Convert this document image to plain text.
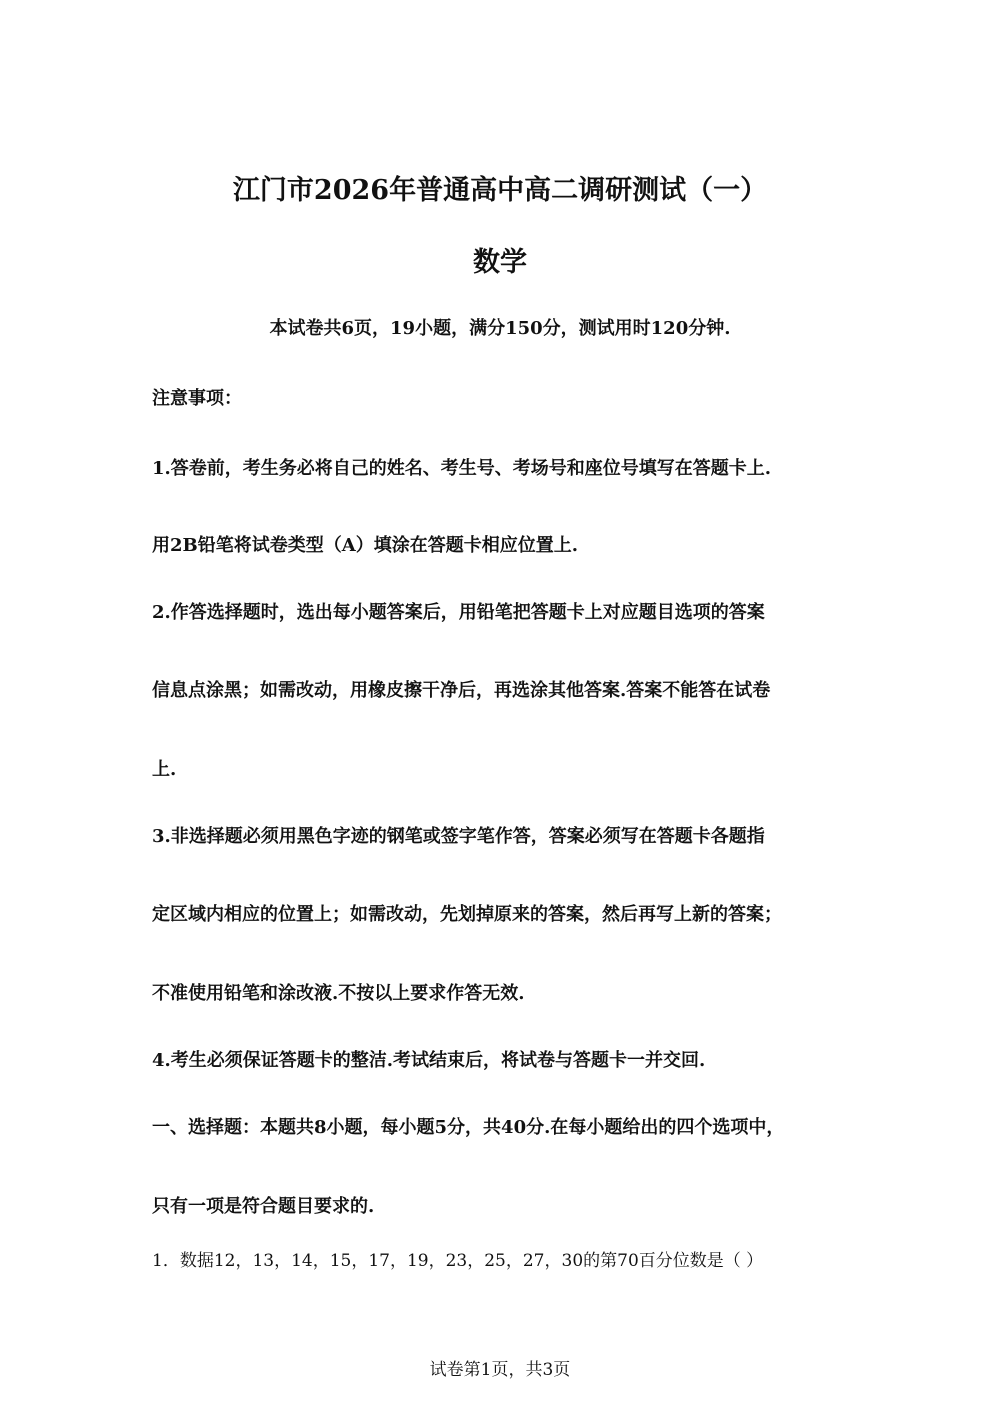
江门市2026年普通高中高二调研测试（一）
数学
本试卷共6页，19小题，满分150分，测试用时120分钟.
注意事项：
1.答卷前，考生务必将自己的姓名、考生号、考场号和座位号填写在答题卡上.
用2B铅笔将试卷类型（A）填涂在答题卡相应位置上.
2.作答选择题时，选出每小题答案后，用铅笔把答题卡上对应题目选项的答案
信息点涂黑；如需改动，用橡皮擦干净后，再选涂其他答案.答案不能答在试卷
上.
3.非选择题必须用黑色字迹的钢笔或签字笔作答，答案必须写在答题卡各题指
定区域内相应的位置上；如需改动，先划掉原来的答案，然后再写上新的答案；
不准使用铅笔和涂改液.不按以上要求作答无效.
4.考生必须保证答题卡的整洁.考试结束后，将试卷与答题卡一并交回.
一、选择题：本题共8小题，每小题5分，共40分.在每小题给出的四个选项中，
只有一项是符合题目要求的.
1．数据12，13，14，15，17，19，23，25，27，30的第70百分位数是（ ）
试卷第1页，共3页
